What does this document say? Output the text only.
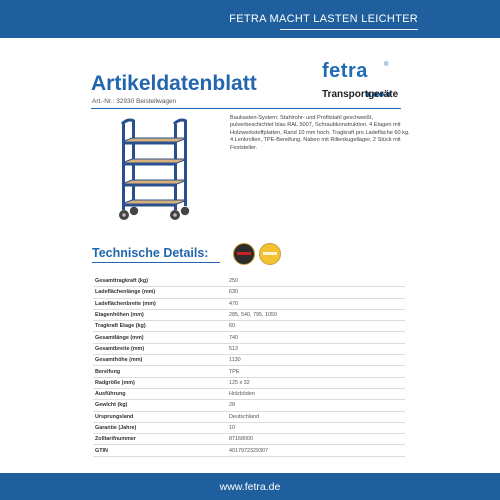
FETRA MACHT LASTEN LEICHTER
Artikeldatenblatt
Art.-Nr.: 32930 Beistellwagen
fetra	®
Transportgeräte
Baukasten-System: Stahlrohr- und Profilstahl geschweißt, pulverbeschichtet blau RAL 5007, Schraubkonstruktion. 4 Etagen mit Holzwerkstoffplatten, Rand 10 mm hoch. Tragkraft pro Ladefläche 60 kg. 4 Lenkrollen, TPE-Bereifung, Naben mit Rillenkugellager, 2 Stück mit Feststeller.
Technische Details:
Gesamttragkraft (kg)	250
Ladeflächenlänge (mm)	630
Ladeflächenbreite (mm)	470
Etagenhöhen (mm)	285, 540, 795, 1050
Tragkraft Etage (kg)	60
Gesamtlänge (mm)	740
Gesamtbreite (mm)	513
Gesamthöhe (mm)	1130
Bereifung	TPE
Radgröße (mm)	125 x 32
Ausführung	Holzböden
Gewicht (kg)	28
Ursprungsland	Deutschland
Garantie (Jahre)	10
Zolltarifnummer	87168000
GTIN	4017972329307
www.fetra.de
